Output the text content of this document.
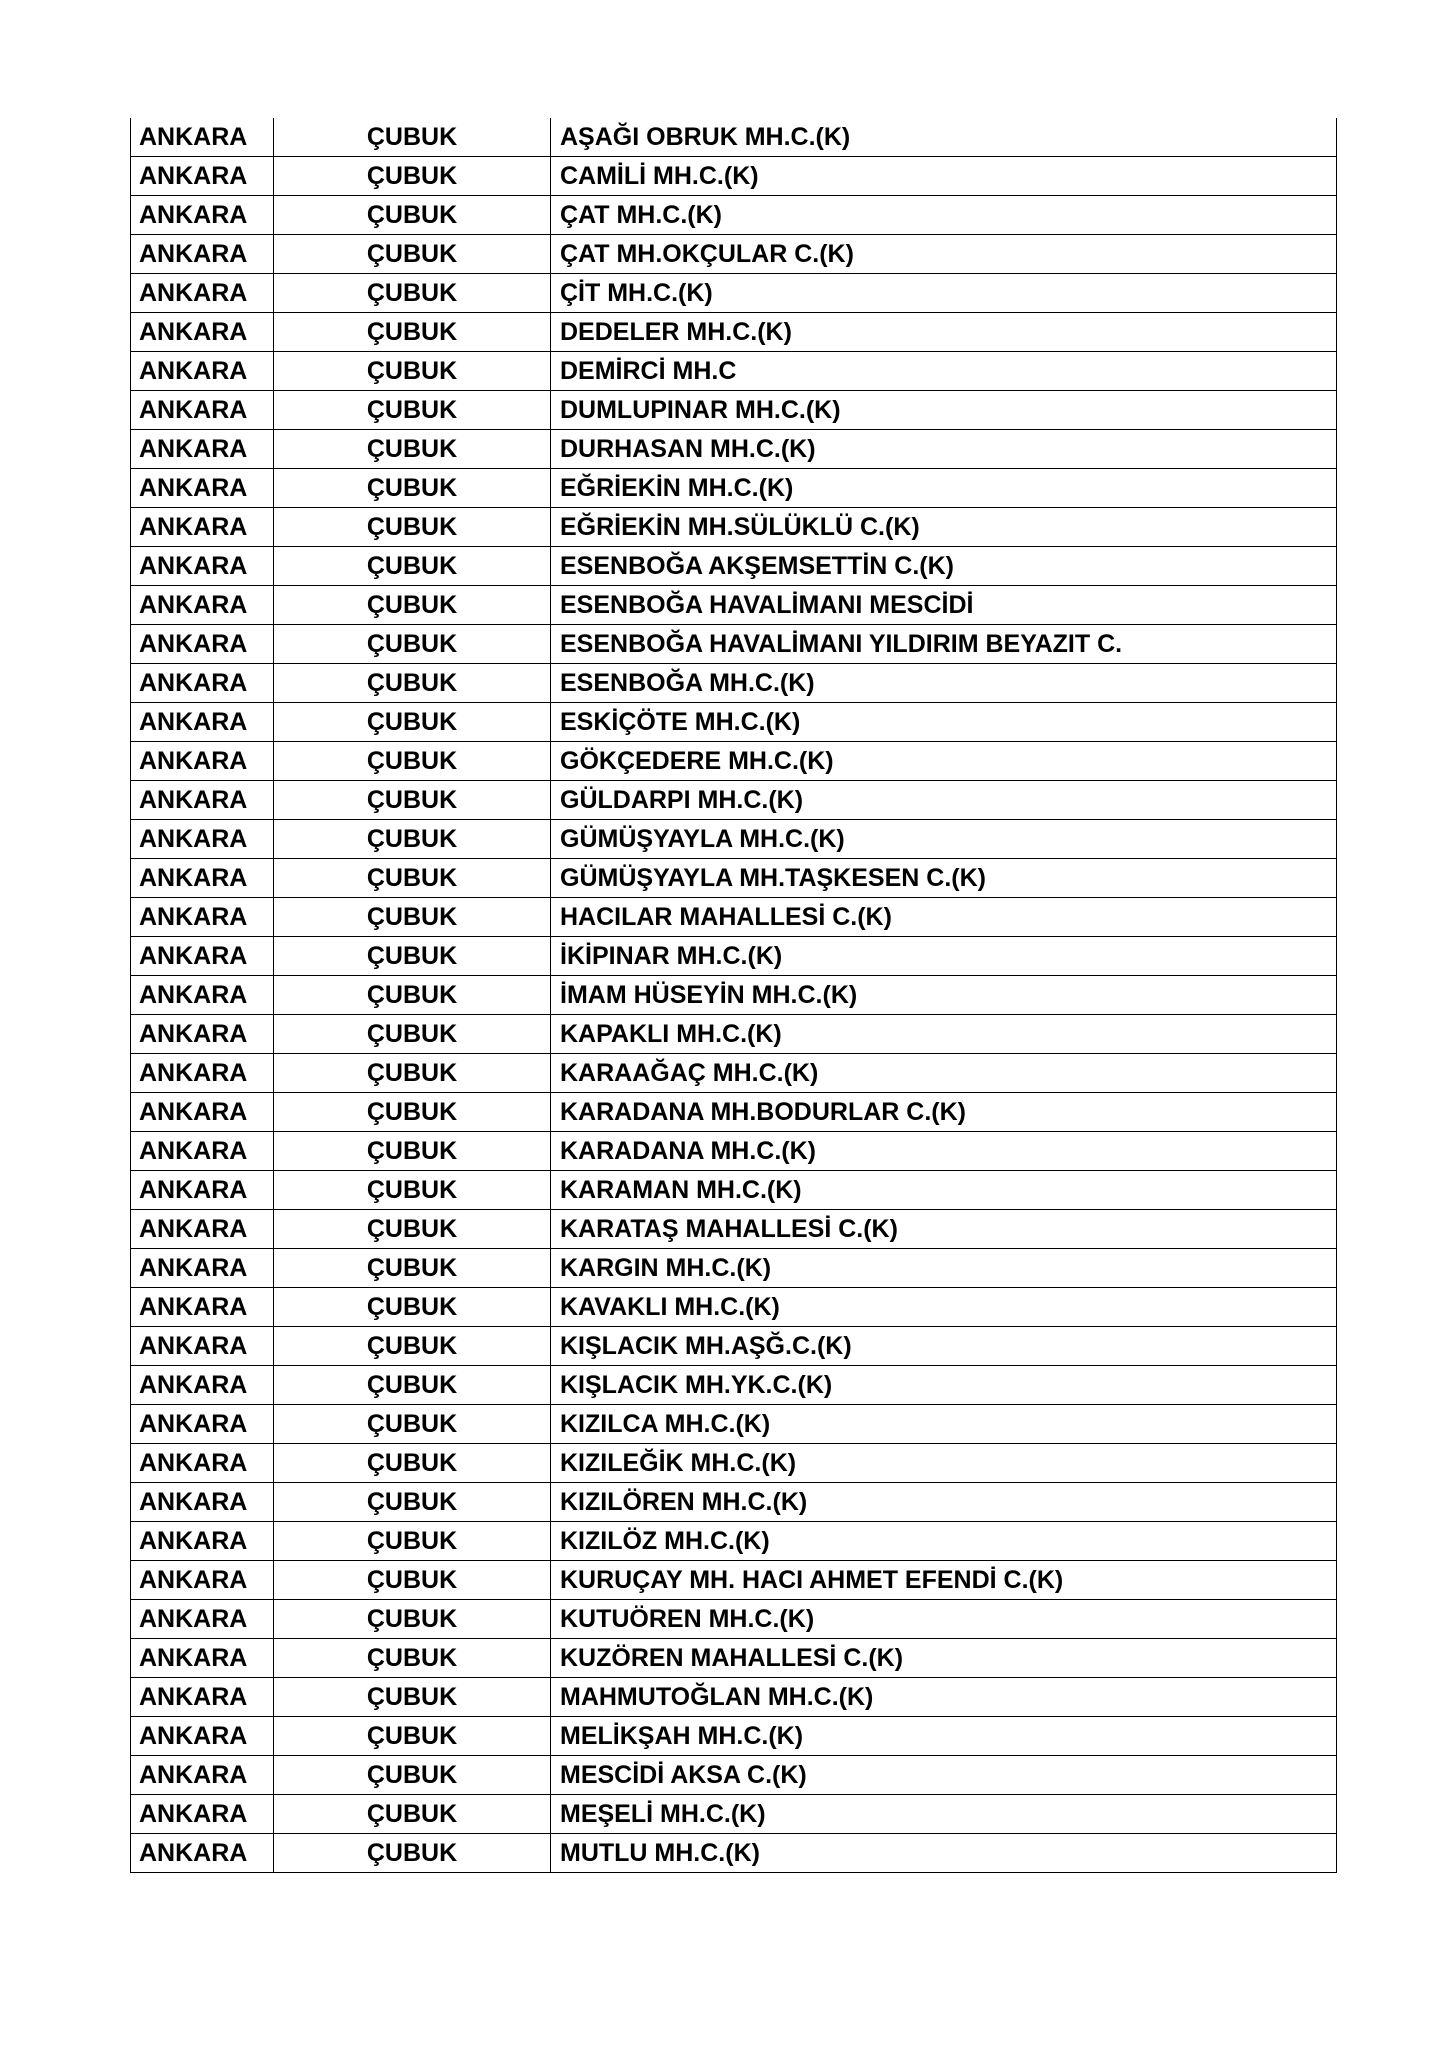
ANKARA	ÇUBUK	AŞAĞI OBRUK MH.C.(K)
ANKARA	ÇUBUK	CAMİLİ MH.C.(K)
ANKARA	ÇUBUK	ÇAT MH.C.(K)
ANKARA	ÇUBUK	ÇAT MH.OKÇULAR C.(K)
ANKARA	ÇUBUK	ÇİT MH.C.(K)
ANKARA	ÇUBUK	DEDELER MH.C.(K)
ANKARA	ÇUBUK	DEMİRCİ MH.C
ANKARA	ÇUBUK	DUMLUPINAR MH.C.(K)
ANKARA	ÇUBUK	DURHASAN MH.C.(K)
ANKARA	ÇUBUK	EĞRİEKİN MH.C.(K)
ANKARA	ÇUBUK	EĞRİEKİN MH.SÜLÜKLÜ C.(K)
ANKARA	ÇUBUK	ESENBOĞA AKŞEMSETTİN C.(K)
ANKARA	ÇUBUK	ESENBOĞA HAVALİMANI MESCİDİ
ANKARA	ÇUBUK	ESENBOĞA HAVALİMANI YILDIRIM BEYAZIT C.
ANKARA	ÇUBUK	ESENBOĞA MH.C.(K)
ANKARA	ÇUBUK	ESKİÇÖTE MH.C.(K)
ANKARA	ÇUBUK	GÖKÇEDERE MH.C.(K)
ANKARA	ÇUBUK	GÜLDARPI MH.C.(K)
ANKARA	ÇUBUK	GÜMÜŞYAYLA MH.C.(K)
ANKARA	ÇUBUK	GÜMÜŞYAYLA MH.TAŞKESEN C.(K)
ANKARA	ÇUBUK	HACILAR MAHALLESİ C.(K)
ANKARA	ÇUBUK	İKİPINAR MH.C.(K)
ANKARA	ÇUBUK	İMAM HÜSEYİN MH.C.(K)
ANKARA	ÇUBUK	KAPAKLI MH.C.(K)
ANKARA	ÇUBUK	KARAAĞAÇ MH.C.(K)
ANKARA	ÇUBUK	KARADANA MH.BODURLAR C.(K)
ANKARA	ÇUBUK	KARADANA MH.C.(K)
ANKARA	ÇUBUK	KARAMAN MH.C.(K)
ANKARA	ÇUBUK	KARATAŞ MAHALLESİ C.(K)
ANKARA	ÇUBUK	KARGIN MH.C.(K)
ANKARA	ÇUBUK	KAVAKLI MH.C.(K)
ANKARA	ÇUBUK	KIŞLACIK MH.AŞĞ.C.(K)
ANKARA	ÇUBUK	KIŞLACIK MH.YK.C.(K)
ANKARA	ÇUBUK	KIZILCA MH.C.(K)
ANKARA	ÇUBUK	KIZILEĞİK MH.C.(K)
ANKARA	ÇUBUK	KIZILÖREN MH.C.(K)
ANKARA	ÇUBUK	KIZILÖZ MH.C.(K)
ANKARA	ÇUBUK	KURUÇAY MH. HACI AHMET EFENDİ C.(K)
ANKARA	ÇUBUK	KUTUÖREN MH.C.(K)
ANKARA	ÇUBUK	KUZÖREN MAHALLESİ C.(K)
ANKARA	ÇUBUK	MAHMUTOĞLAN MH.C.(K)
ANKARA	ÇUBUK	MELİKŞAH MH.C.(K)
ANKARA	ÇUBUK	MESCİDİ AKSA C.(K)
ANKARA	ÇUBUK	MEŞELİ MH.C.(K)
ANKARA	ÇUBUK	MUTLU MH.C.(K)
